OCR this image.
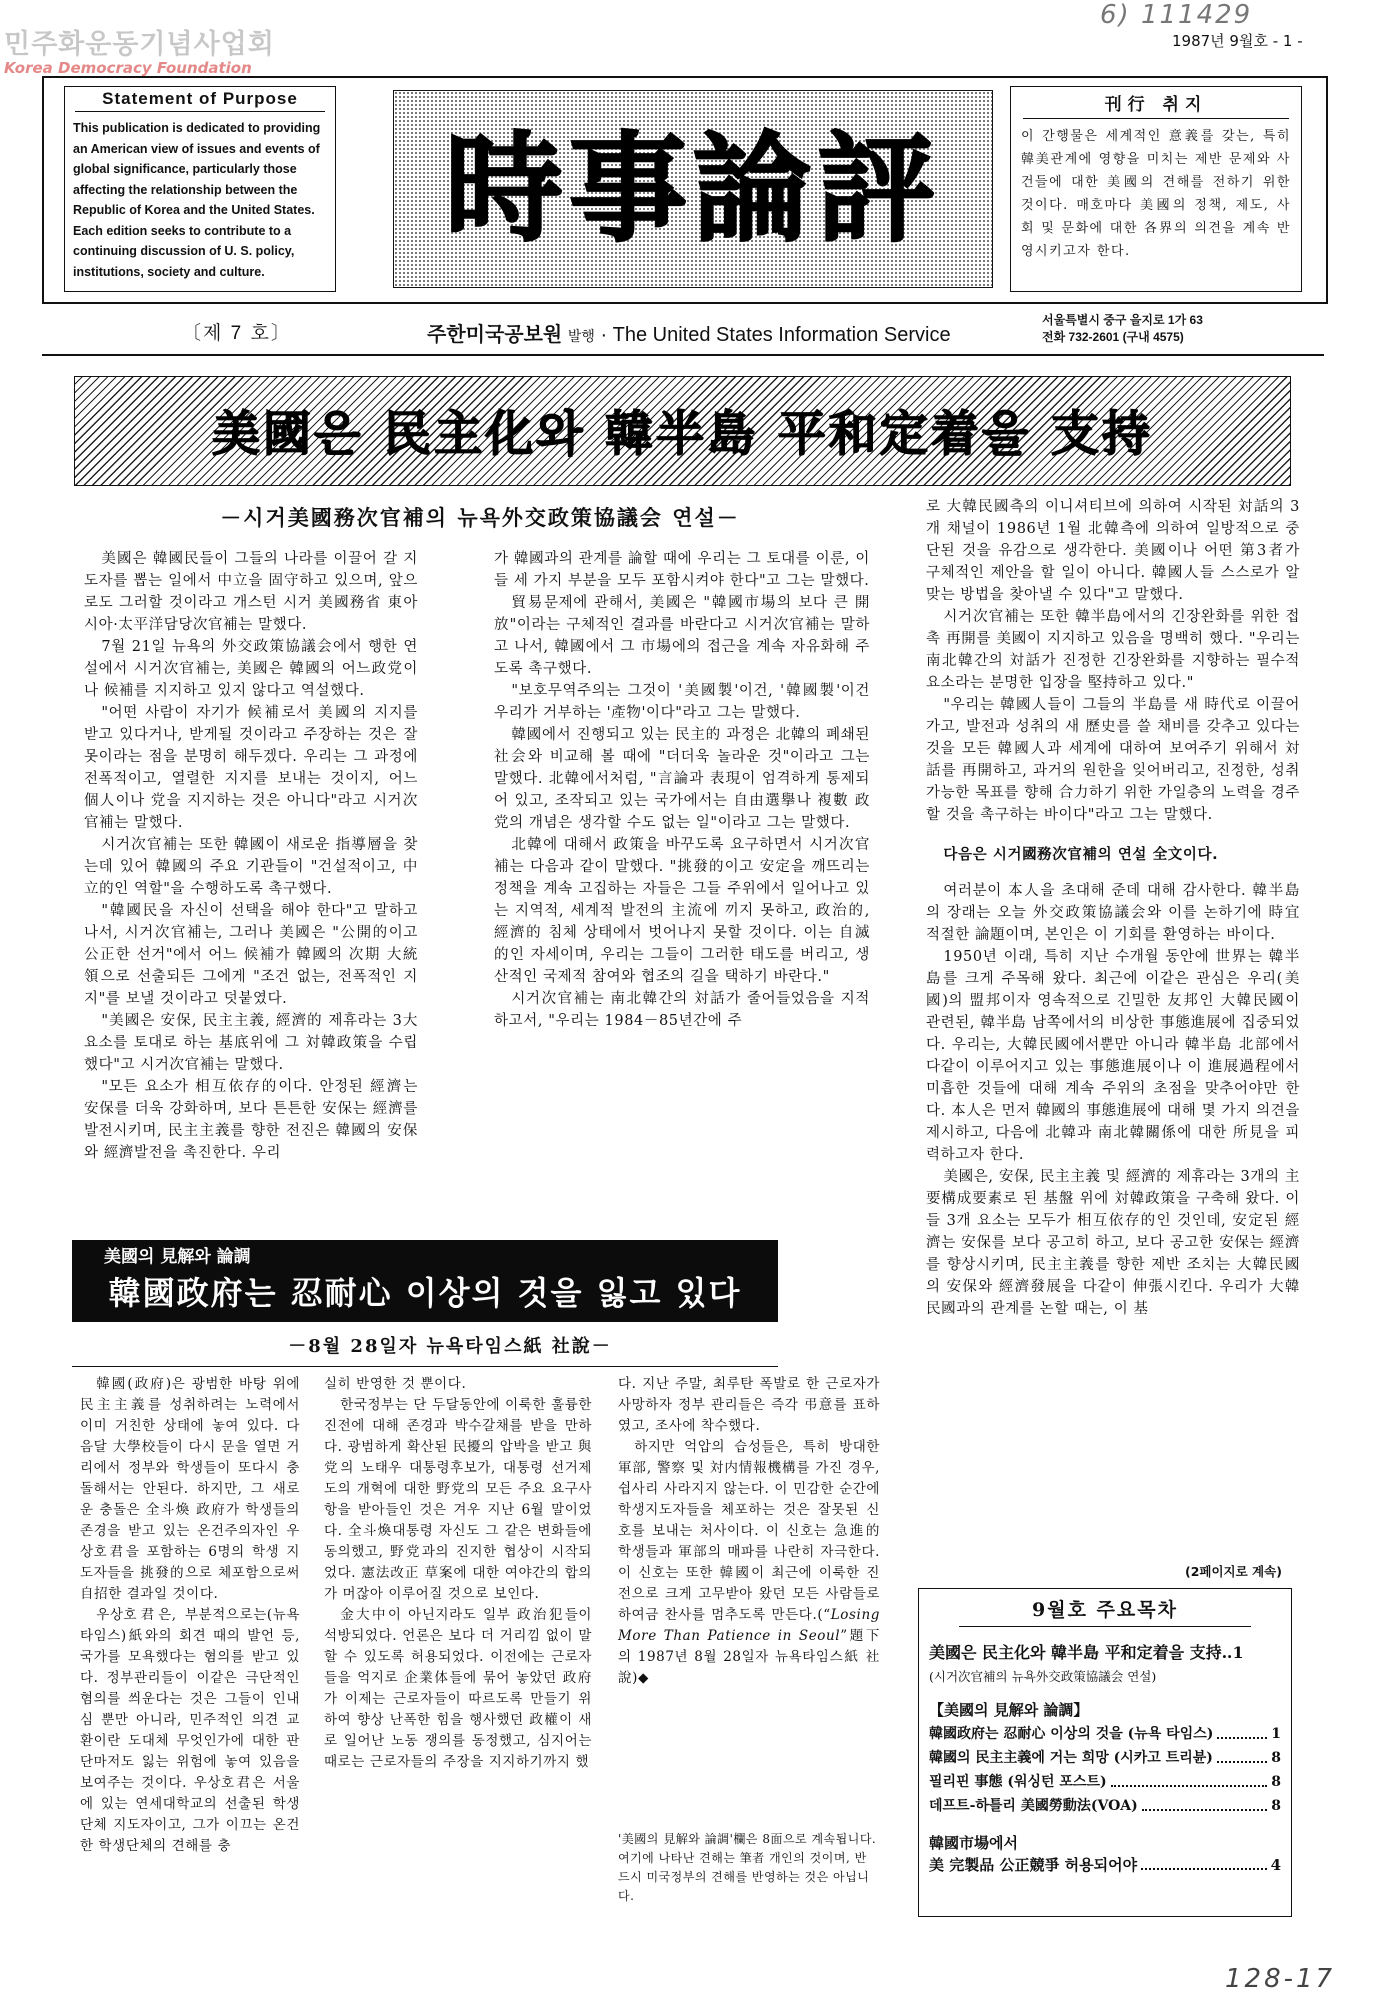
민주화운동기념사업회
Korea Democracy Foundation
6) 111429
1987년 9월호 - 1 -
Statement of Purpose
This publication is dedicated to providing an American view of issues and events of global significance, particularly those affecting the relationship between the Republic of Korea and the United States. Each edition seeks to contribute to a continuing discussion of U. S. policy, institutions, society and culture.
時事論評
刊行 취지
이 간행물은 세계적인 意義를 갖는, 특히 韓美관계에 영향을 미치는 제반 문제와 사건들에 대한 美國의 견해를 전하기 위한 것이다. 매호마다 美國의 정책, 제도, 사회 및 문화에 대한 各界의 의견을 계속 반영시키고자 한다.
〔제 7 호〕	주한미국공보원 발행 · The United States Information Service
서울특별시 중구 을지로 1가 63
전화 732-2601 (구내 4575)
美國은 民主化와 韓半島 平和定着을 支持
－시거美國務次官補의 뉴욕外交政策協議会 연설－

美國은 韓國民들이 그들의 나라를 이끌어 갈 지도자를 뽑는 일에서 中立을 固守하고 있으며, 앞으로도 그러할 것이라고 개스턴 시거 美國務省 東아시아·太平洋담당次官補는 말했다.

7월 21일 뉴욕의 外交政策協議会에서 행한 연설에서 시거次官補는, 美國은 韓國의 어느政党이나 候補를 지지하고 있지 않다고 역설했다.

"어떤 사람이 자기가 候補로서 美國의 지지를 받고 있다거나, 받게될 것이라고 주장하는 것은 잘못이라는 점을 분명히 해두겠다. 우리는 그 과정에 전폭적이고, 열렬한 지지를 보내는 것이지, 어느 個人이나 党을 지지하는 것은 아니다"라고 시거次官補는 말했다.

시거次官補는 또한 韓國이 새로운 指導層을 찾는데 있어 韓國의 주요 기관들이 "건설적이고, 中立的인 역할"을 수행하도록 촉구했다.

"韓國民을 자신이 선택을 해야 한다"고 말하고 나서, 시거次官補는, 그러나 美國은 "公開的이고 公正한 선거"에서 어느 候補가 韓國의 次期 大統領으로 선출되든 그에게 "조건 없는, 전폭적인 지지"를 보낼 것이라고 덧붙였다.

"美國은 安保, 民主主義, 經濟的 제휴라는 3大 요소를 토대로 하는 基底위에 그 対韓政策을 수립했다"고 시거次官補는 말했다.

"모든 요소가 相互依存的이다. 안정된 經濟는 安保를 더욱 강화하며, 보다 튼튼한 安保는 經濟를 발전시키며, 民主主義를 향한 전진은 韓國의 安保와 經濟발전을 촉진한다. 우리

가 韓國과의 관계를 論할 때에 우리는 그 토대를 이룬, 이들 세 가지 부분을 모두 포함시켜야 한다"고 그는 말했다.

貿易문제에 관해서, 美國은 "韓國市場의 보다 큰 開放"이라는 구체적인 결과를 바란다고 시거次官補는 말하고 나서, 韓國에서 그 市場에의 접근을 계속 자유화해 주도록 촉구했다.

"보호무역주의는 그것이 '美國製'이건, '韓國製'이건 우리가 거부하는 '產物'이다"라고 그는 말했다.

韓國에서 진행되고 있는 民主的 과정은 北韓의 폐쇄된 社会와 비교해 볼 때에 "더더욱 놀라운 것"이라고 그는 말했다. 北韓에서처럼, "言論과 表現이 엄격하게 통제되어 있고, 조작되고 있는 국가에서는 自由選擧나 複數 政党의 개념은 생각할 수도 없는 일"이라고 그는 말했다.

北韓에 대해서 政策을 바꾸도록 요구하면서 시거次官補는 다음과 같이 말했다. "挑發的이고 安定을 깨뜨리는 정책을 계속 고집하는 자들은 그들 주위에서 일어나고 있는 지역적, 세계적 발전의 主流에 끼지 못하고, 政治的, 經濟的 침체 상태에서 벗어나지 못할 것이다. 이는 自滅的인 자세이며, 우리는 그들이 그러한 태도를 버리고, 생산적인 국제적 참여와 협조의 길을 택하기 바란다."

시거次官補는 南北韓간의 対話가 줄어들었음을 지적하고서, "우리는 1984－85년간에 주

로 大韓民國측의 이니셔티브에 의하여 시작된 対話의 3개 채널이 1986년 1월 北韓측에 의하여 일방적으로 중단된 것을 유감으로 생각한다. 美國이나 어떤 第3者가 구체적인 제안을 할 일이 아니다. 韓國人들 스스로가 알맞는 방법을 찾아낼 수 있다"고 말했다.

시거次官補는 또한 韓半島에서의 긴장완화를 위한 접촉 再開를 美國이 지지하고 있음을 명백히 했다. "우리는 南北韓간의 対話가 진정한 긴장완화를 지향하는 필수적 요소라는 분명한 입장을 堅持하고 있다."

"우리는 韓國人들이 그들의 半島를 새 時代로 이끌어가고, 발전과 성취의 새 歷史를 쓸 채비를 갖추고 있다는 것을 모든 韓國人과 세계에 대하여 보여주기 위해서 対話를 再開하고, 과거의 원한을 잊어버리고, 진정한, 성취 가능한 목표를 향해 合力하기 위한 가일층의 노력을 경주할 것을 촉구하는 바이다"라고 그는 말했다.

다음은 시거國務次官補의 연설 全文이다.

여러분이 本人을 초대해 준데 대해 감사한다. 韓半島의 장래는 오늘 外交政策協議会와 이를 논하기에 時宜 적절한 論題이며, 본인은 이 기회를 환영하는 바이다.

1950년 이래, 특히 지난 수개월 동안에 世界는 韓半島를 크게 주목해 왔다. 최근에 이같은 관심은 우리(美國)의 盟邦이자 영속적으로 긴밀한 友邦인 大韓民國이 관련된, 韓半島 남쪽에서의 비상한 事態進展에 집중되었다. 우리는, 大韓民國에서뿐만 아니라 韓半島 北部에서 다같이 이루어지고 있는 事態進展이나 이 進展過程에서 미흡한 것들에 대해 계속 주위의 초점을 맞추어야만 한다. 本人은 먼저 韓國의 事態進展에 대해 몇 가지 의견을 제시하고, 다음에 北韓과 南北韓關係에 대한 所見을 피력하고자 한다.

美國은, 安保, 民主主義 및 經濟的 제휴라는 3개의 主要構成要素로 된 基盤 위에 対韓政策을 구축해 왔다. 이들 3개 요소는 모두가 相互依存的인 것인데, 安定된 經濟는 安保를 보다 공고히 하고, 보다 공고한 安保는 經濟를 향상시키며, 民主主義를 향한 제반 조치는 大韓民國의 安保와 經濟發展을 다같이 伸張시킨다. 우리가 大韓民國과의 관계를 논할 때는, 이 基

(2페이지로 계속)
美國의 見解와 論調
韓國政府는 忍耐心 이상의 것을 잃고 있다
－8월 28일자 뉴욕타임스紙 社說－

韓國(政府)은 광범한 바탕 위에 民主主義를 성취하려는 노력에서 이미 거친한 상태에 놓여 있다. 다음달 大學校들이 다시 문을 열면 거리에서 정부와 학생들이 또다시 충돌해서는 안된다. 하지만, 그 새로운 충돌은 全斗煥 政府가 학생들의 존경을 받고 있는 온건주의자인 우상호君을 포함하는 6명의 학생 지도자들을 挑發的으로 체포함으로써 自招한 결과일 것이다.

우상호君은, 부분적으로는(뉴욕 타임스)紙와의 회견 때의 발언 등, 국가를 모욕했다는 혐의를 받고 있다. 정부관리들이 이같은 극단적인 혐의를 씌운다는 것은 그들이 인내심 뿐만 아니라, 민주적인 의견 교환이란 도대체 무엇인가에 대한 판단마저도 잃는 위험에 놓여 있음을 보여주는 것이다. 우상호君은 서울에 있는 연세대학교의 선출된 학생단체 지도자이고, 그가 이끄는 온건한 학생단체의 견해를 충

실히 반영한 것 뿐이다.

한국정부는 단 두달동안에 이룩한 훌륭한 진전에 대해 존경과 박수갈채를 받을 만하다. 광범하게 확산된 民擾의 압박을 받고 與党의 노태우 대통령후보가, 대통령 선거제도의 개혁에 대한 野党의 모든 주요 요구사항을 받아들인 것은 겨우 지난 6월 말이었다. 全斗煥대통령 자신도 그 같은 변화들에 동의했고, 野党과의 진지한 협상이 시작되었다. 憲法改正 草案에 대한 여야간의 합의가 머잖아 이루어질 것으로 보인다.

金大中이 아닌지라도 일부 政治犯들이 석방되었다. 언론은 보다 더 거리낌 없이 말할 수 있도록 허용되었다. 이전에는 근로자들을 억지로 企業体들에 묶어 놓았던 政府가 이제는 근로자들이 따르도록 만들기 위하여 향상 난폭한 힘을 행사했던 政權이 새로 일어난 노동 쟁의를 동정했고, 심지어는 때로는 근로자들의 주장을 지지하기까지 했

다. 지난 주말, 최루탄 폭발로 한 근로자가 사망하자 정부 관리들은 즉각 弔意를 표하였고, 조사에 착수했다.

하지만 억압의 습성들은, 특히 방대한 軍部, 警察 및 対内情報機構를 가진 경우, 쉽사리 사라지지 않는다. 이 민감한 순간에 학생지도자들을 체포하는 것은 잘못된 신호를 보내는 처사이다. 이 신호는 急進的 학생들과 軍部의 매파를 나란히 자극한다. 이 신호는 또한 韓國이 최근에 이룩한 진전으로 크게 고무받아 왔던 모든 사람들로 하여금 찬사를 멈추도록 만든다.(“Losing More Than Patience in Seoul”題下의 1987년 8월 28일자 뉴욕타임스紙 社說)◆

'美國의 見解와 論調'欄은 8面으로 계속됩니다. 여기에 나타난 견해는 筆者 개인의 것이며, 반드시 미국정부의 견해를 반영하는 것은 아닙니다.
9월호 주요목차
美國은 民主化와 韓半島 平和定着을 支持‥ 1
(시거次官補의 뉴욕外交政策協議会 연설)
【美國의 見解와 論調】
韓國政府는 忍耐心 이상의 것을 (뉴욕 타임스)	1
韓國의 民主主義에 거는 희망 (시카고 트리뷴)	8
필리핀 事態 (워싱턴 포스트)	8
데프트-하틀리 美國勞動法(VOA)	8
韓國市場에서
美 完製品 公正競爭 허용되어야	4
128-17
